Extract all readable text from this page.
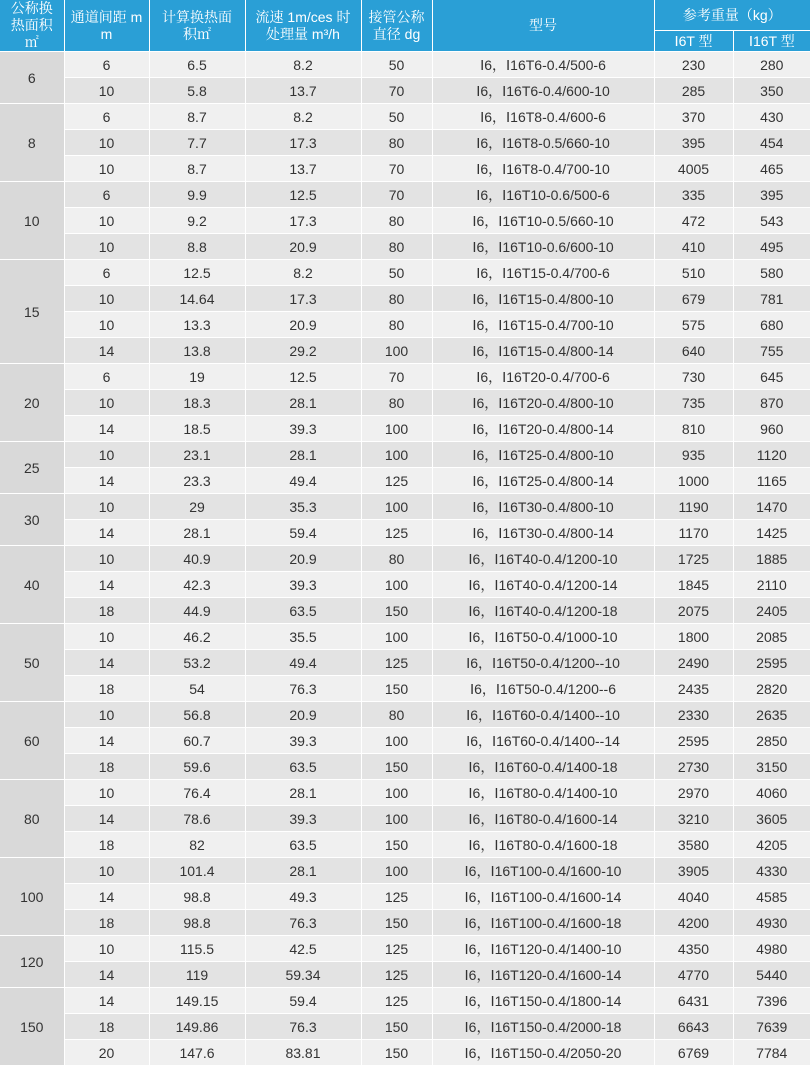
公称换热面积㎡	通道间距 mm	计算换热面积㎡	流速 1m/ces 时处理量 m³/h	接管公称直径 dg	型号	参考重量（kg）	
						Ⅰ6T 型	Ⅰ16T 型
6	6	6.5	8.2	50	Ⅰ6，Ⅰ16T6-0.4/500-6	230	280
	10	5.8	13.7	70	Ⅰ6，Ⅰ16T6-0.4/600-10	285	350
8	6	8.7	8.2	50	Ⅰ6，Ⅰ16T8-0.4/600-6	370	430
	10	7.7	17.3	80	Ⅰ6，Ⅰ16T8-0.5/660-10	395	454
	10	8.7	13.7	70	Ⅰ6，Ⅰ16T8-0.4/700-10	4005	465
10	6	9.9	12.5	70	Ⅰ6，Ⅰ16T10-0.6/500-6	335	395
	10	9.2	17.3	80	Ⅰ6，Ⅰ16T10-0.5/660-10	472	543
	10	8.8	20.9	80	Ⅰ6，Ⅰ16T10-0.6/600-10	410	495
15	6	12.5	8.2	50	Ⅰ6，Ⅰ16T15-0.4/700-6	510	580
	10	14.64	17.3	80	Ⅰ6，Ⅰ16T15-0.4/800-10	679	781
	10	13.3	20.9	80	Ⅰ6，Ⅰ16T15-0.4/700-10	575	680
	14	13.8	29.2	100	Ⅰ6，Ⅰ16T15-0.4/800-14	640	755
20	6	19	12.5	70	Ⅰ6，Ⅰ16T20-0.4/700-6	730	645
	10	18.3	28.1	80	Ⅰ6，Ⅰ16T20-0.4/800-10	735	870
	14	18.5	39.3	100	Ⅰ6，Ⅰ16T20-0.4/800-14	810	960
25	10	23.1	28.1	100	Ⅰ6，Ⅰ16T25-0.4/800-10	935	1120
	14	23.3	49.4	125	Ⅰ6，Ⅰ16T25-0.4/800-14	1000	1165
30	10	29	35.3	100	Ⅰ6，Ⅰ16T30-0.4/800-10	1190	1470
	14	28.1	59.4	125	Ⅰ6，Ⅰ16T30-0.4/800-14	1170	1425
40	10	40.9	20.9	80	Ⅰ6，Ⅰ16T40-0.4/1200-10	1725	1885
	14	42.3	39.3	100	Ⅰ6，Ⅰ16T40-0.4/1200-14	1845	2110
	18	44.9	63.5	150	Ⅰ6，Ⅰ16T40-0.4/1200-18	2075	2405
50	10	46.2	35.5	100	Ⅰ6，Ⅰ16T50-0.4/1000-10	1800	2085
	14	53.2	49.4	125	Ⅰ6，Ⅰ16T50-0.4/1200--10	2490	2595
	18	54	76.3	150	Ⅰ6，Ⅰ16T50-0.4/1200--6	2435	2820
60	10	56.8	20.9	80	Ⅰ6，Ⅰ16T60-0.4/1400--10	2330	2635
	14	60.7	39.3	100	Ⅰ6，Ⅰ16T60-0.4/1400--14	2595	2850
	18	59.6	63.5	150	Ⅰ6，Ⅰ16T60-0.4/1400-18	2730	3150
80	10	76.4	28.1	100	Ⅰ6，Ⅰ16T80-0.4/1400-10	2970	4060
	14	78.6	39.3	100	Ⅰ6，Ⅰ16T80-0.4/1600-14	3210	3605
	18	82	63.5	150	Ⅰ6，Ⅰ16T80-0.4/1600-18	3580	4205
100	10	101.4	28.1	100	Ⅰ6，Ⅰ16T100-0.4/1600-10	3905	4330
	14	98.8	49.3	125	Ⅰ6，Ⅰ16T100-0.4/1600-14	4040	4585
	18	98.8	76.3	150	Ⅰ6，Ⅰ16T100-0.4/1600-18	4200	4930
120	10	115.5	42.5	125	Ⅰ6，Ⅰ16T120-0.4/1400-10	4350	4980
	14	119	59.34	125	Ⅰ6，Ⅰ16T120-0.4/1600-14	4770	5440
150	14	149.15	59.4	125	Ⅰ6，Ⅰ16T150-0.4/1800-14	6431	7396
	18	149.86	76.3	150	Ⅰ6，Ⅰ16T150-0.4/2000-18	6643	7639
	20	147.6	83.81	150	Ⅰ6，Ⅰ16T150-0.4/2050-20	6769	7784
